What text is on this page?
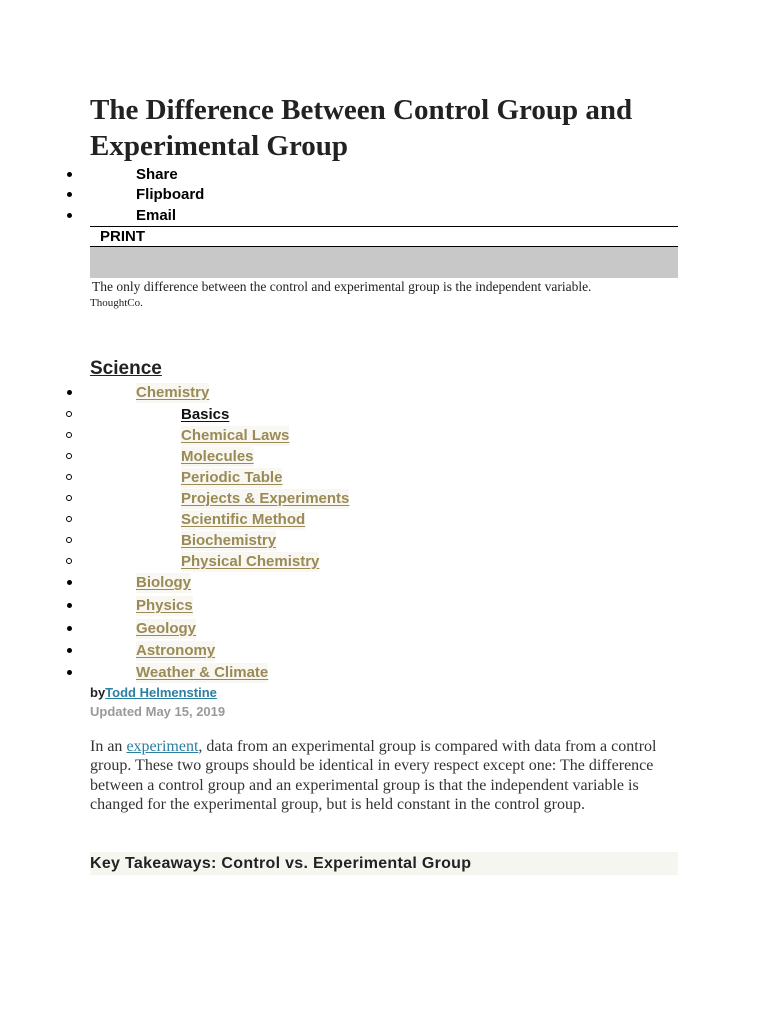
The Difference Between Control Group and Experimental Group
Share
Flipboard
Email
PRINT
The only difference between the control and experimental group is the independent variable.
ThoughtCo.
Science
Chemistry
Basics
Chemical Laws
Molecules
Periodic Table
Projects & Experiments
Scientific Method
Biochemistry
Physical Chemistry
Biology
Physics
Geology
Astronomy
Weather & Climate
byTodd Helmenstine
Updated May 15, 2019

In an experiment, data from an experimental group is compared with data from a control group. These two groups should be identical in every respect except one: The difference between a control group and an experimental group is that the independent variable is changed for the experimental group, but is held constant in the control group.

Key Takeaways: Control vs. Experimental Group
